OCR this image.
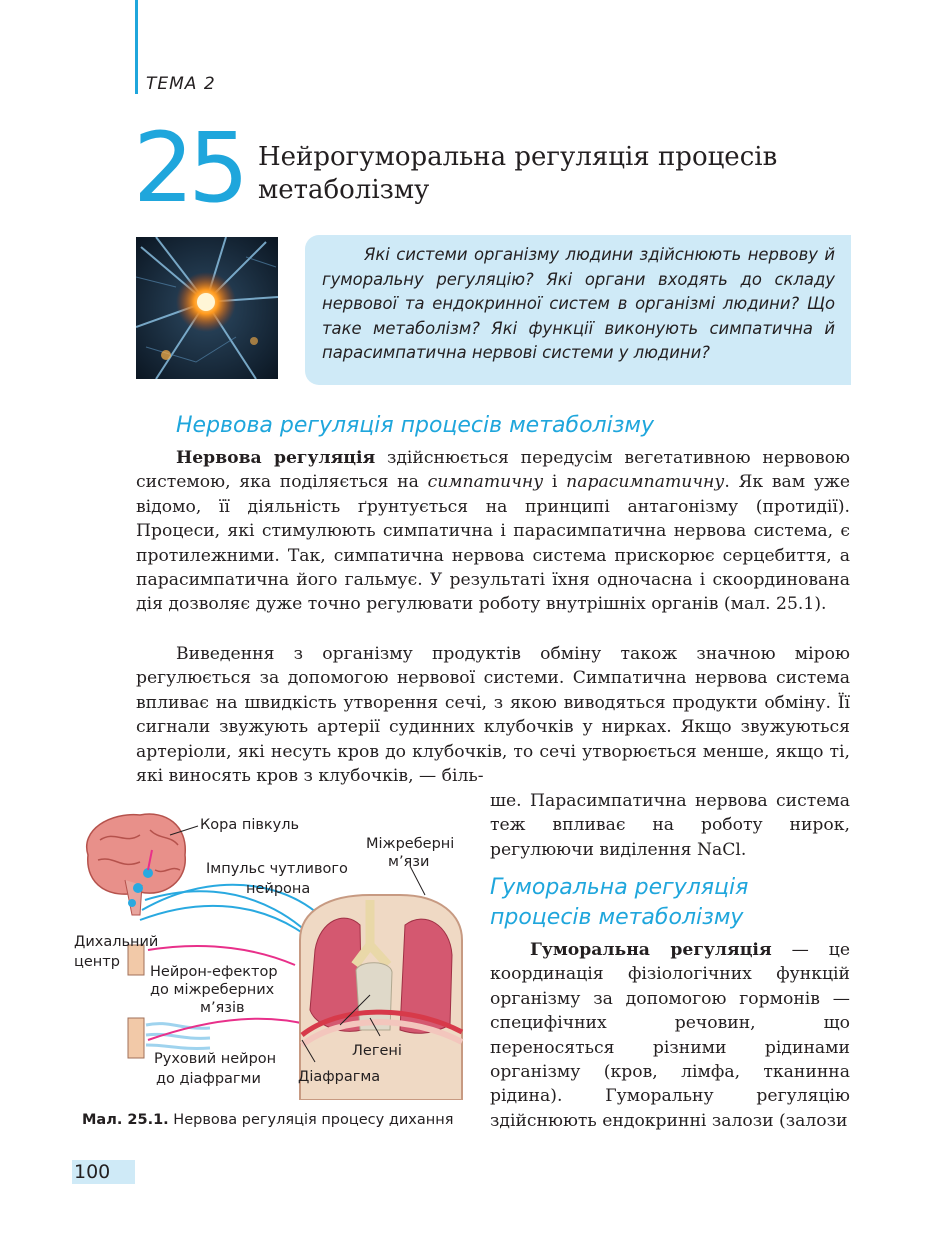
ТЕМА 2
25 Нейрогуморальна регуляція процесів
метаболізму
Які системи організму людини здійснюють нервову й гуморальну регуляцію? Які органи входять до складу нервової та ендокринної систем в організмі людини? Що таке метаболізм? Які функції виконують симпатична й парасимпатична нервові системи у людини?
Нервова регуляція процесів метаболізму
Нервова регуляція здійснюється передусім вегетативною нервовою системою, яка поділяється на симпатичну і парасимпатичну. Як вам уже відомо, її діяльність ґрунтується на принципі антагонізму (протидії). Процеси, які стимулюють симпатична і парасимпатична нервова система, є протилежними. Так, симпатична нервова система прискорює серцебиття, а парасимпатична його гальмує. У результаті їхня одночасна і скоординована дія дозволяє дуже точно регулювати роботу внутрішніх органів (мал. 25.1).
Виведення з організму продуктів обміну також значною мірою регулюється за допомогою нервової системи. Симпатична нервова система впливає на швидкість утворення сечі, з якою виводяться продукти обміну. Її сигнали звужують артерії судинних клубочків у нирках. Якщо звужуються артеріоли, які несуть кров до клубочків, то сечі утворюється менше, якщо ті, які виносять кров з клубочків, — біль-
ше. Парасимпатична нервова система теж впливає на роботу нирок, регулюючи виділення NaCl.
Гуморальна регуляція
процесів метаболізму
Гуморальна регуляція — це координація фізіологічних функцій організму за допомогою гормонів — специфічних речовин, що переносяться різними рідинами організму (кров, лімфа, тканинна рідина). Гуморальну регуляцію здійснюють ендокринні залози (залози
Кора півкуль
Міжреберні
м’язи
Імпульс чутливого
нейрона
Дихальний
центр
Нейрон-ефектор
до міжреберних
м’язів
Легені
Руховий нейрон
до діафрагми	Діафрагма
Мал. 25.1. Нервова регуляція процесу дихання
100
